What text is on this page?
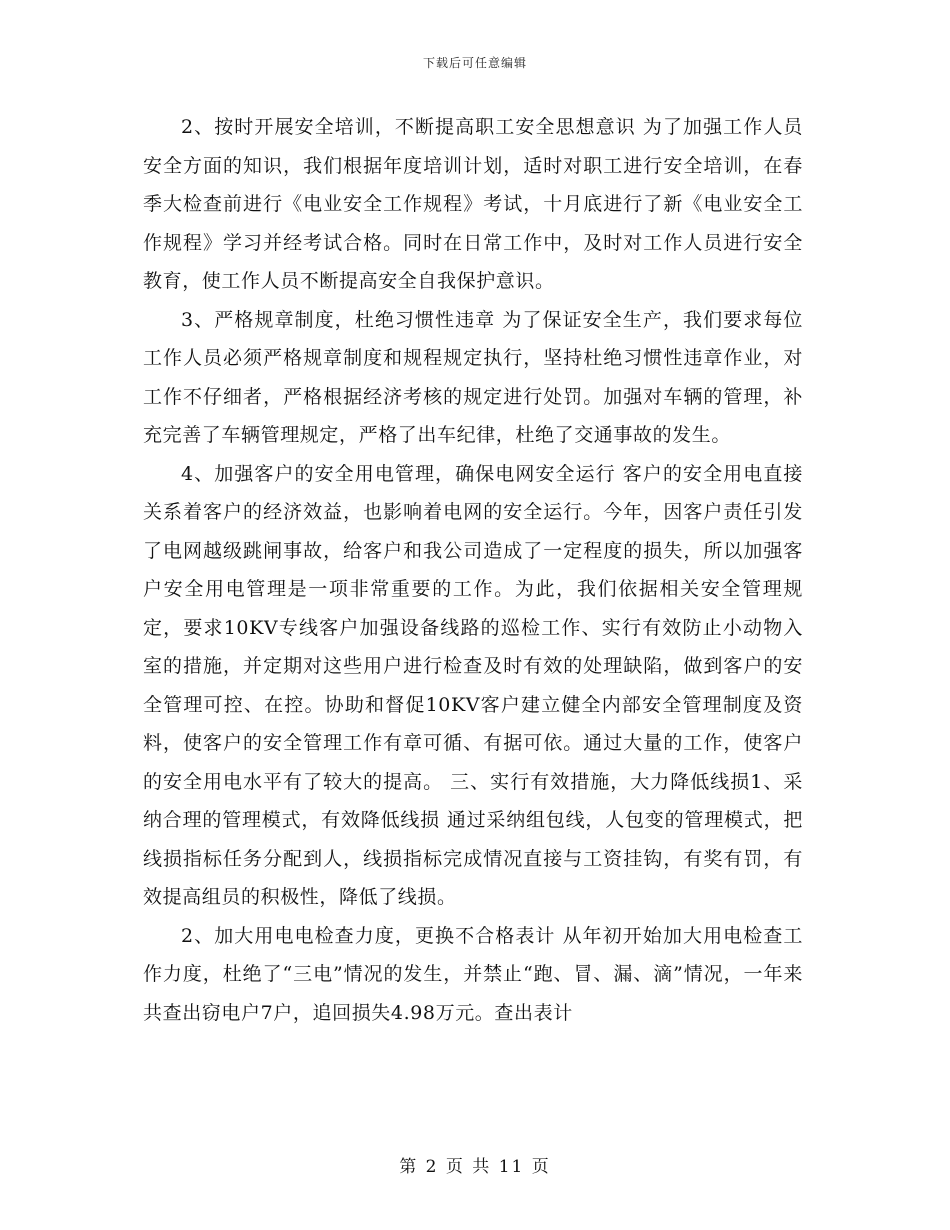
下载后可任意编辑

2、按时开展安全培训，不断提高职工安全思想意识 为了加强工作人员安全方面的知识，我们根据年度培训计划，适时对职工进行安全培训，在春季大检查前进行《电业安全工作规程》考试，十月底进行了新《电业安全工作规程》学习并经考试合格。同时在日常工作中，及时对工作人员进行安全教育，使工作人员不断提高安全自我保护意识。

3、严格规章制度，杜绝习惯性违章 为了保证安全生产，我们要求每位工作人员必须严格规章制度和规程规定执行，坚持杜绝习惯性违章作业，对工作不仔细者，严格根据经济考核的规定进行处罚。加强对车辆的管理，补充完善了车辆管理规定，严格了出车纪律，杜绝了交通事故的发生。

4、加强客户的安全用电管理，确保电网安全运行 客户的安全用电直接关系着客户的经济效益，也影响着电网的安全运行。今年，因客户责任引发了电网越级跳闸事故，给客户和我公司造成了一定程度的损失，所以加强客户安全用电管理是一项非常重要的工作。为此，我们依据相关安全管理规定，要求10KV专线客户加强设备线路的巡检工作、实行有效防止小动物入室的措施，并定期对这些用户进行检查及时有效的处理缺陷，做到客户的安全管理可控、在控。协助和督促10KV客户建立健全内部安全管理制度及资料，使客户的安全管理工作有章可循、有据可依。通过大量的工作，使客户的安全用电水平有了较大的提高。 三、实行有效措施，大力降低线损1、采纳合理的管理模式，有效降低线损 通过采纳组包线，人包变的管理模式，把线损指标任务分配到人，线损指标完成情况直接与工资挂钩，有奖有罚，有效提高组员的积极性，降低了线损。

2、加大用电电检查力度，更换不合格表计 从年初开始加大用电检查工作力度，杜绝了“三电”情况的发生，并禁止“跑、冒、漏、滴”情况，一年来共查出窃电户7户，追回损失4.98万元。查出表计

第 2 页 共 11 页
